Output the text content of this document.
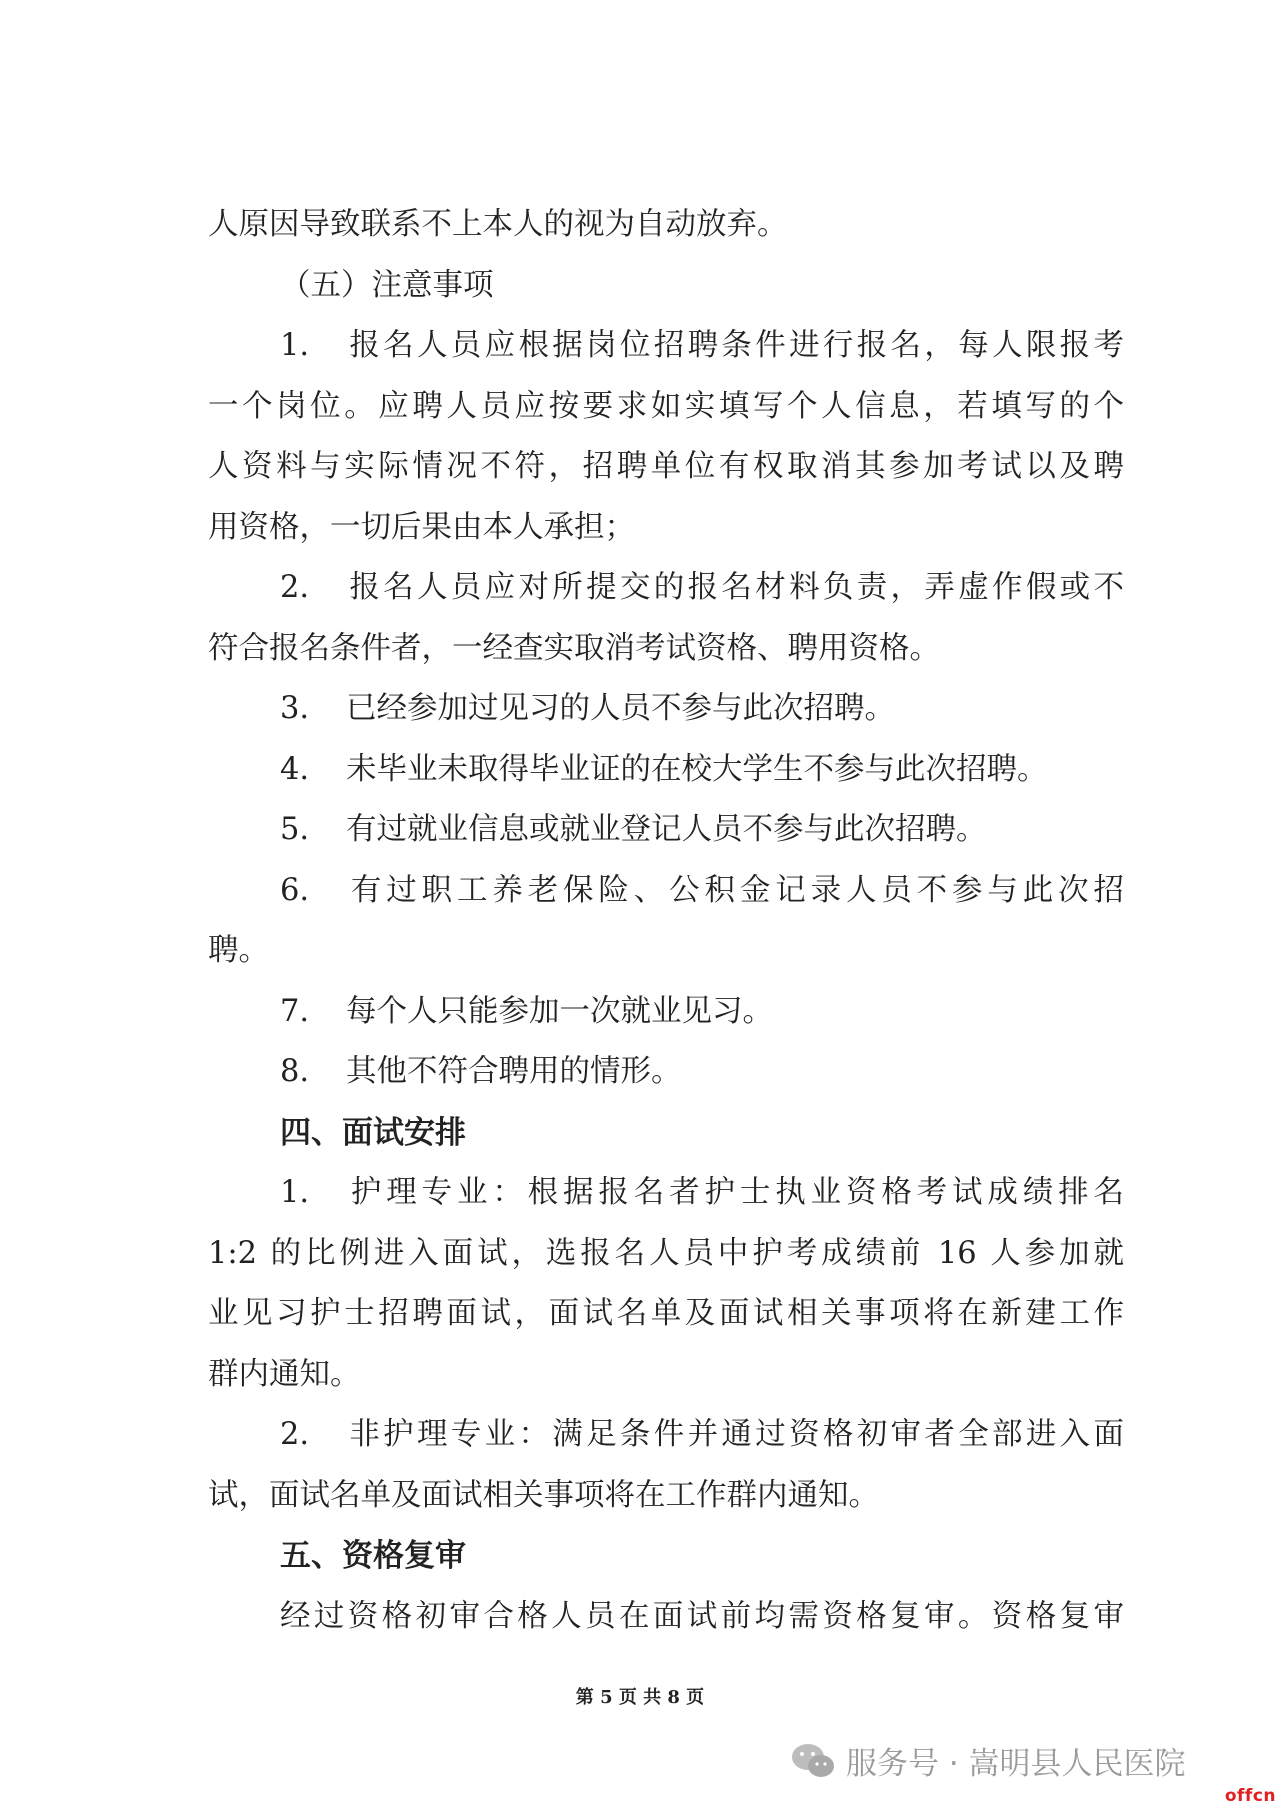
人原因导致联系不上本人的视为自动放弃。
（五）注意事项
1. 报名人员应根据岗位招聘条件进行报名，每人限报考
一个岗位。应聘人员应按要求如实填写个人信息，若填写的个
人资料与实际情况不符，招聘单位有权取消其参加考试以及聘
用资格，一切后果由本人承担；
2. 报名人员应对所提交的报名材料负责，弄虚作假或不
符合报名条件者，一经查实取消考试资格、聘用资格。
3. 已经参加过见习的人员不参与此次招聘。
4. 未毕业未取得毕业证的在校大学生不参与此次招聘。
5. 有过就业信息或就业登记人员不参与此次招聘。
6. 有过职工养老保险、公积金记录人员不参与此次招
聘。
7. 每个人只能参加一次就业见习。
8. 其他不符合聘用的情形。
四、面试安排
1. 护理专业：根据报名者护士执业资格考试成绩排名
1:2 的比例进入面试，选报名人员中护考成绩前 16 人参加就
业见习护士招聘面试，面试名单及面试相关事项将在新建工作
群内通知。
2. 非护理专业：满足条件并通过资格初审者全部进入面
试，面试名单及面试相关事项将在工作群内通知。
五、资格复审
经过资格初审合格人员在面试前均需资格复审。资格复审
第 5 页 共 8 页
服务号 · 嵩明县人民医院
offcn
